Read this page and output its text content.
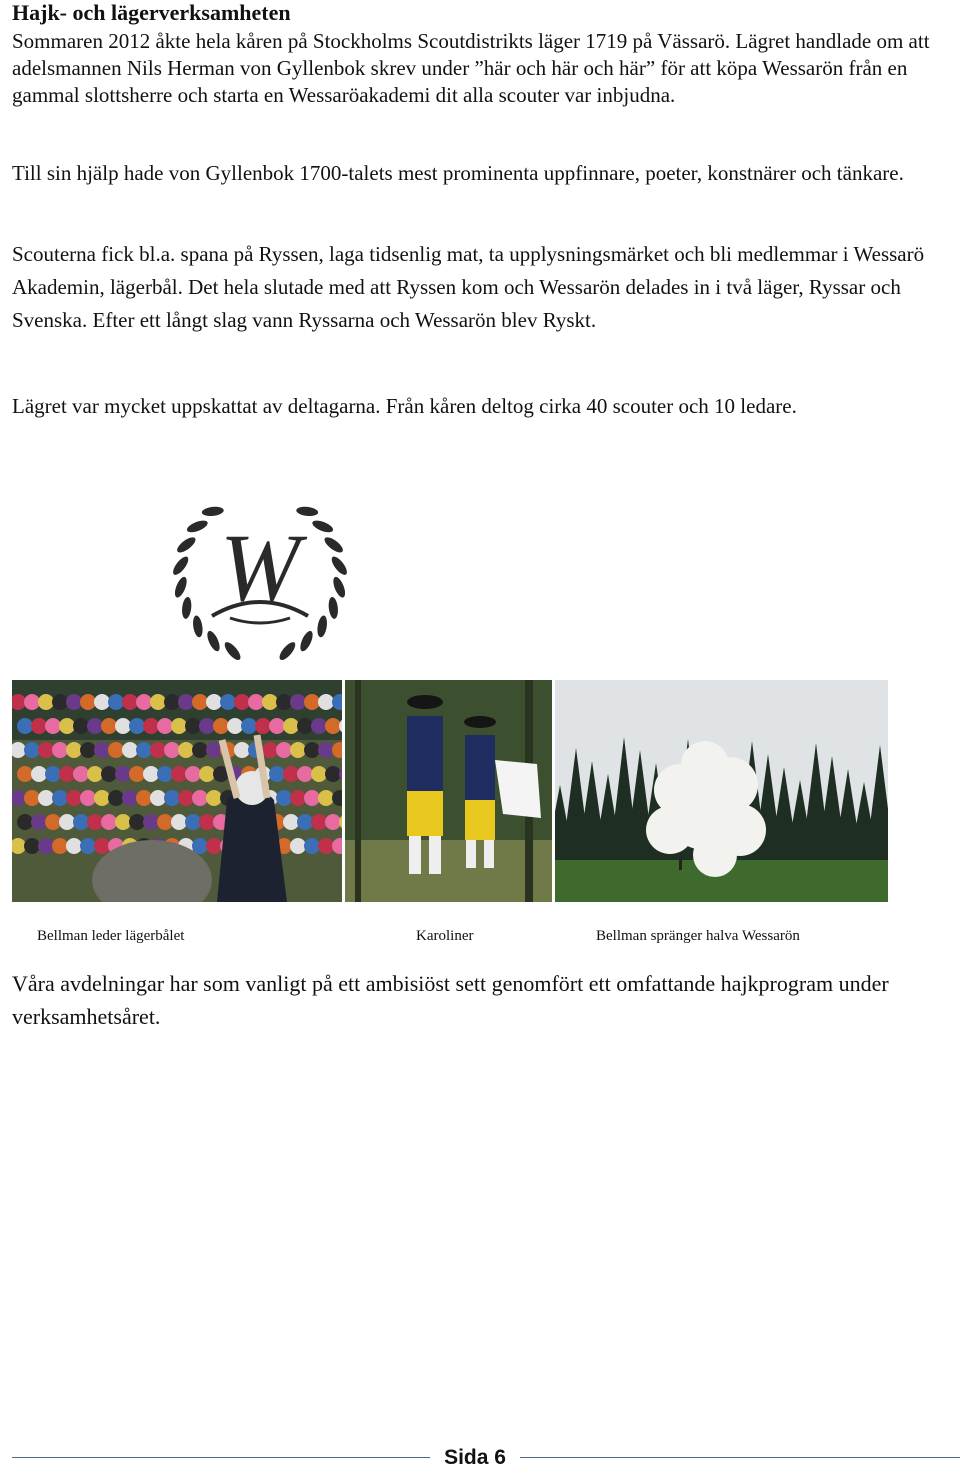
Hajk- och lägerverksamheten
Sommaren 2012 åkte hela kåren på Stockholms Scoutdistrikts läger 1719 på Vässarö. Lägret handlade om att adelsmannen Nils Herman von Gyllenbok skrev under ”här och här och här” för att köpa Wessarön från en gammal slottsherre och starta en Wessaröakademi dit alla scouter var inbjudna.
Till sin hjälp hade von Gyllenbok 1700-talets mest prominenta uppfinnare, poeter, konstnärer och tänkare.
Scouterna fick bl.a. spana på Ryssen, laga tidsenlig mat, ta upplysningsmärket och bli medlemmar i Wessarö Akademin, lägerbål. Det hela slutade med att Ryssen kom och Wessarön delades in i två läger, Ryssar och Svenska. Efter ett långt slag vann Ryssarna och Wessarön blev Ryskt.
Lägret var mycket uppskattat av deltagarna. Från kåren deltog cirka 40 scouter och 10 ledare.
W
Bellman leder lägerbålet	Karoliner	Bellman spränger halva Wessarön
Våra avdelningar har som vanligt på ett ambisiöst sett genomfört ett omfattande hajkprogram under verksamhetsåret.
Sida 6
